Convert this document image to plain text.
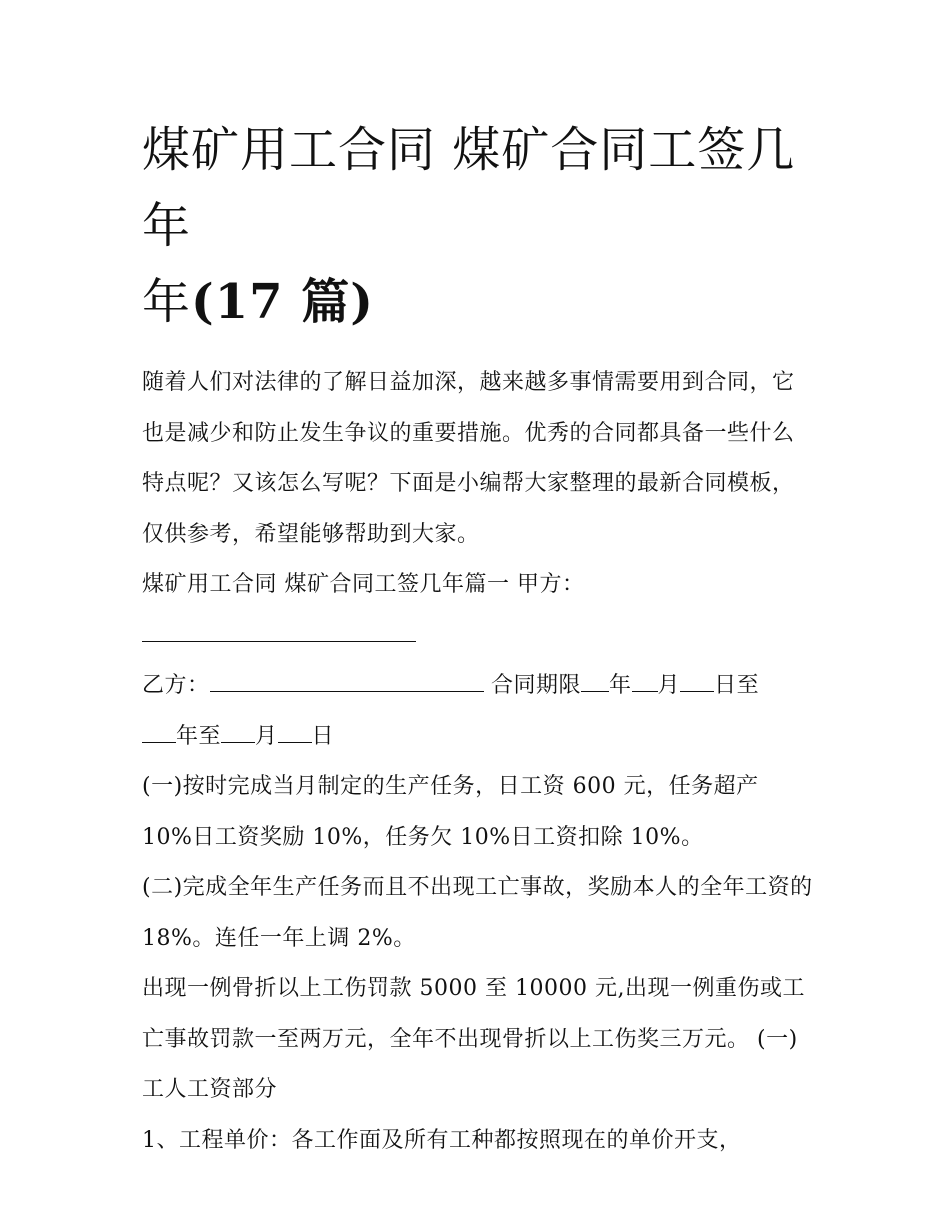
煤矿用工合同 煤矿合同工签几年
年(17 篇)

随着人们对法律的了解日益加深，越来越多事情需要用到合同，它也是减少和防止发生争议的重要措施。优秀的合同都具备一些什么特点呢？又该怎么写呢？下面是小编帮大家整理的最新合同模板，仅供参考，希望能够帮助到大家。

煤矿用工合同 煤矿合同工签几年篇一 甲方：

乙方：	合同期限 年 月 日至

年至 月 日

(一)按时完成当月制定的生产任务，日工资 600 元，任务超产 10%日工资奖励 10%，任务欠 10%日工资扣除 10%。

(二)完成全年生产任务而且不出现工亡事故，奖励本人的全年工资的 18%。连任一年上调 2%。

出现一例骨折以上工伤罚款 5000 至 10000 元,出现一例重伤或工亡事故罚款一至两万元，全年不出现骨折以上工伤奖三万元。 (一)工人工资部分

1、工程单价：各工作面及所有工种都按照现在的单价开支，
